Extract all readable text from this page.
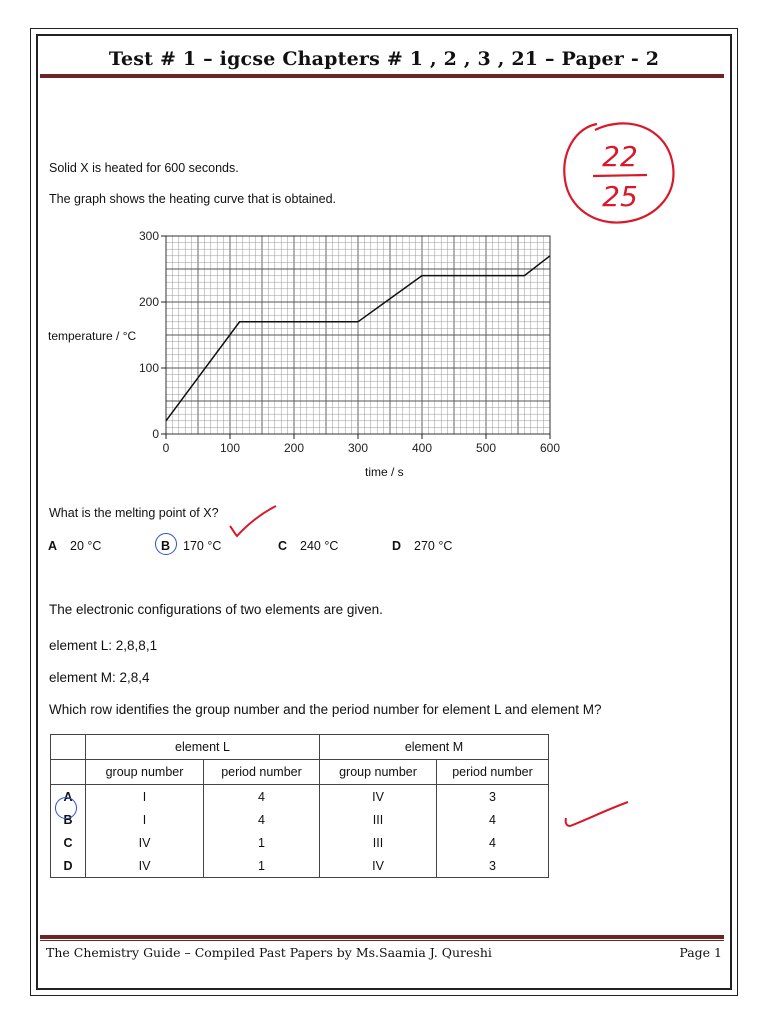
Test # 1 – igcse Chapters # 1 , 2 , 3 , 21 – Paper - 2
22
25
Solid X is heated for 600 seconds.
The graph shows the heating curve that is obtained.
0	100	200	300	400	500	600
0
100
200
300
temperature / °C
time / s
What is the melting point of X?
A 20 °C	B 170 °C	C 240 °C	D 270 °C
The electronic configurations of two elements are given.
element L: 2,8,8,1
element M: 2,8,4
Which row identifies the group number and the period number for element L and element M?
	element L		element M	
	group number	period number	group number	period number
A	I	4	IV	3
B	I	4	III	4
C	IV	1	III	4
D	IV	1	IV	3
The Chemistry Guide – Compiled Past Papers by Ms.Saamia J. Qureshi	Page 1
